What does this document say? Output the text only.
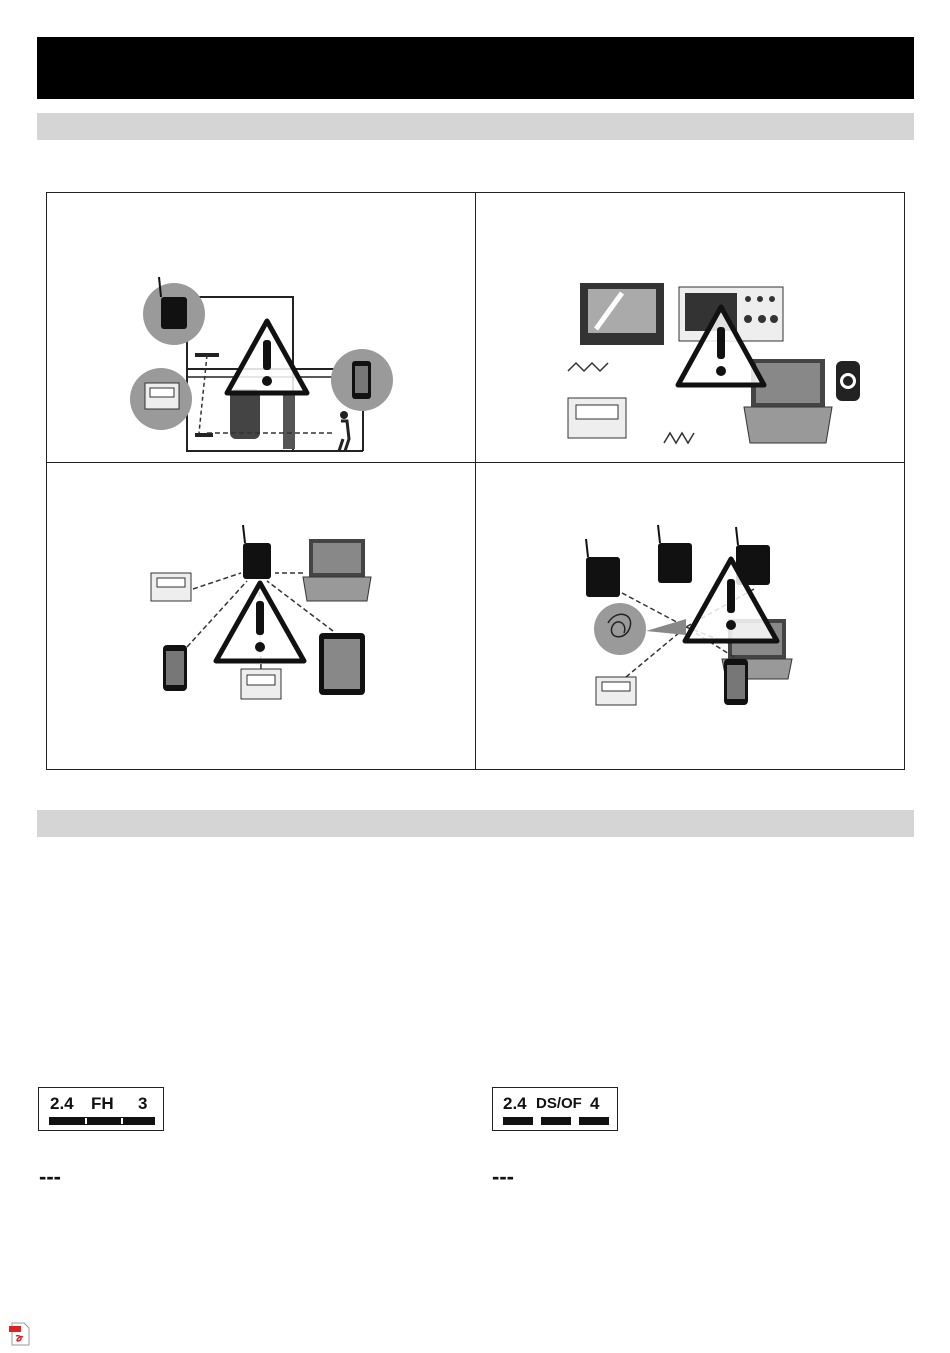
2.4 FH 3	2.4 DS/OF 4
---	---
